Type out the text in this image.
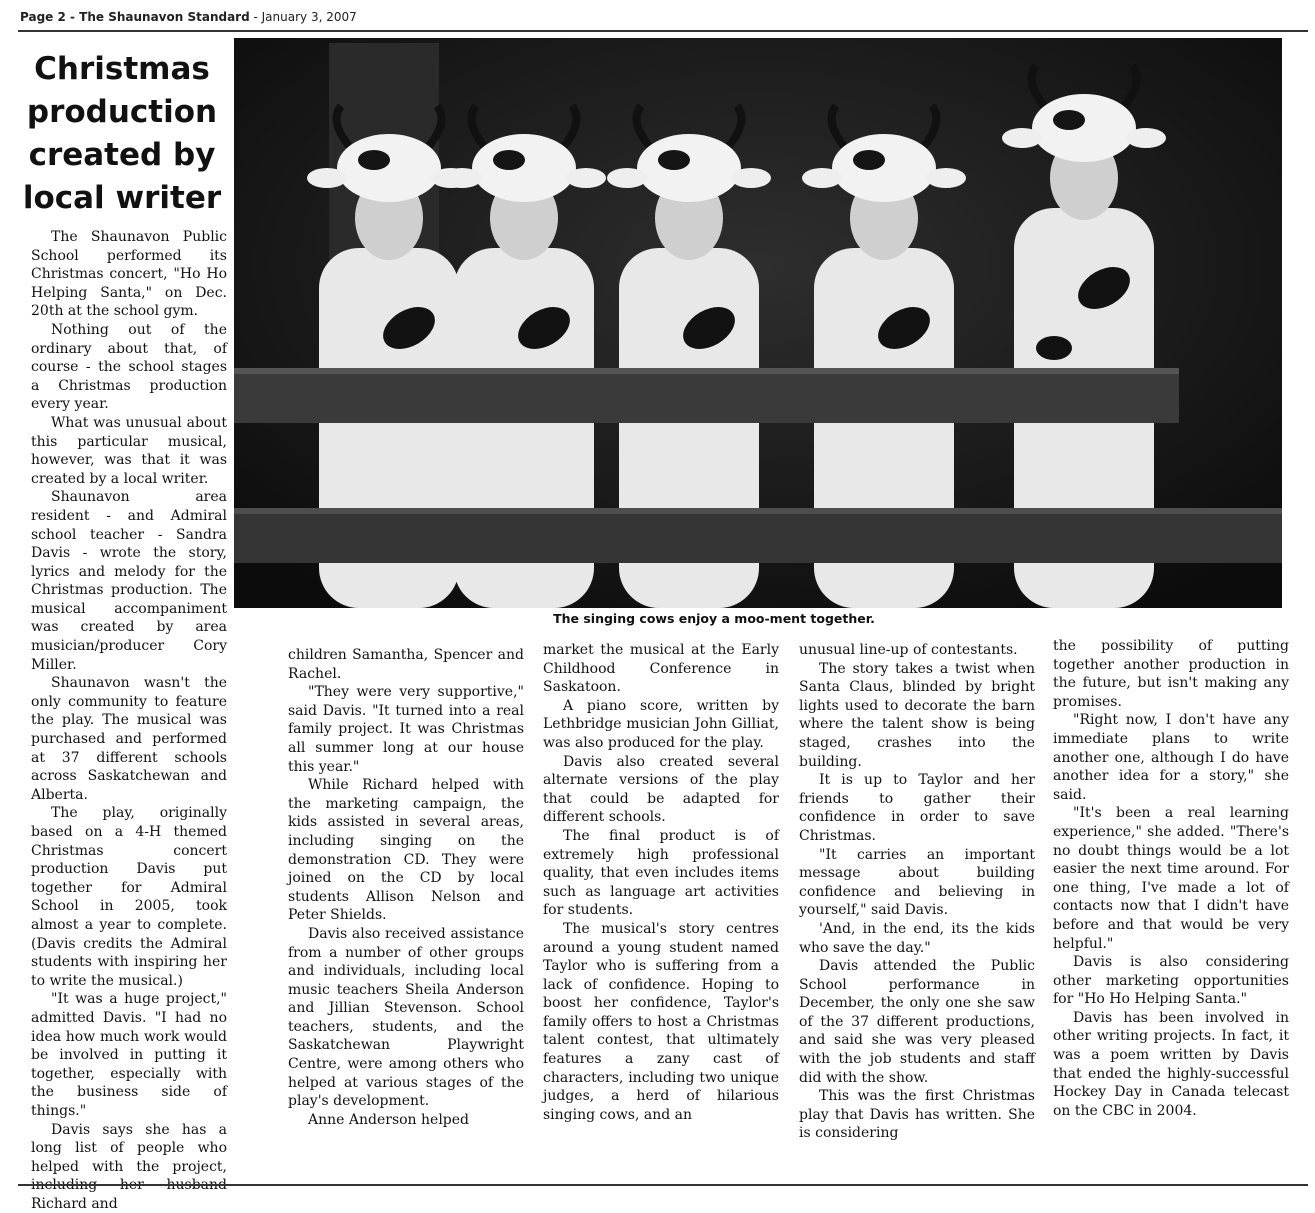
Page 2 - The Shaunavon Standard - January 3, 2007
Christmas production created by local writer
The singing cows enjoy a moo-ment together.

The Shaunavon Public School performed its Christmas concert, "Ho Ho Helping Santa," on Dec. 20th at the school gym.

Nothing out of the ordinary about that, of course - the school stages a Christmas production every year.

What was unusual about this particular musical, however, was that it was created by a local writer.

Shaunavon area resident - and Admiral school teacher - Sandra Davis - wrote the story, lyrics and melody for the Christmas production. The musical accompaniment was created by area musician/producer Cory Miller.

Shaunavon wasn't the only community to feature the play. The musical was purchased and performed at 37 different schools across Saskatchewan and Alberta.

The play, originally based on a 4-H themed Christmas concert production Davis put together for Admiral School in 2005, took almost a year to complete. (Davis credits the Admiral students with inspiring her to write the musical.)

"It was a huge project," admitted Davis. "I had no idea how much work would be involved in putting it together, especially with the business side of things."

Davis says she has a long list of people who helped with the project, including her husband Richard and

children Samantha, Spencer and Rachel.

"They were very supportive," said Davis. "It turned into a real family project. It was Christmas all summer long at our house this year."

While Richard helped with the marketing campaign, the kids assisted in several areas, including singing on the demonstration CD. They were joined on the CD by local students Allison Nelson and Peter Shields.

Davis also received assistance from a number of other groups and individuals, including local music teachers Sheila Anderson and Jillian Stevenson. School teachers, students, and the Saskatchewan Playwright Centre, were among others who helped at various stages of the play's development.

Anne Anderson helped

market the musical at the Early Childhood Conference in Saskatoon.

A piano score, written by Lethbridge musician John Gilliat, was also produced for the play.

Davis also created several alternate versions of the play that could be adapted for different schools.

The final product is of extremely high professional quality, that even includes items such as language art activities for students.

The musical's story centres around a young student named Taylor who is suffering from a lack of confidence. Hoping to boost her confidence, Taylor's family offers to host a Christmas talent contest, that ultimately features a zany cast of characters, including two unique judges, a herd of hilarious singing cows, and an

unusual line-up of contestants.

The story takes a twist when Santa Claus, blinded by bright lights used to decorate the barn where the talent show is being staged, crashes into the building.

It is up to Taylor and her friends to gather their confidence in order to save Christmas.

"It carries an important message about building confidence and believing in yourself," said Davis.

'And, in the end, its the kids who save the day."

Davis attended the Public School performance in December, the only one she saw of the 37 different productions, and said she was very pleased with the job students and staff did with the show.

This was the first Christmas play that Davis has written. She is considering

the possibility of putting together another production in the future, but isn't making any promises.

"Right now, I don't have any immediate plans to write another one, although I do have another idea for a story," she said.

"It's been a real learning experience," she added. "There's no doubt things would be a lot easier the next time around. For one thing, I've made a lot of contacts now that I didn't have before and that would be very helpful."

Davis is also considering other marketing opportunities for "Ho Ho Helping Santa."

Davis has been involved in other writing projects. In fact, it was a poem written by Davis that ended the highly-successful Hockey Day in Canada telecast on the CBC in 2004.
